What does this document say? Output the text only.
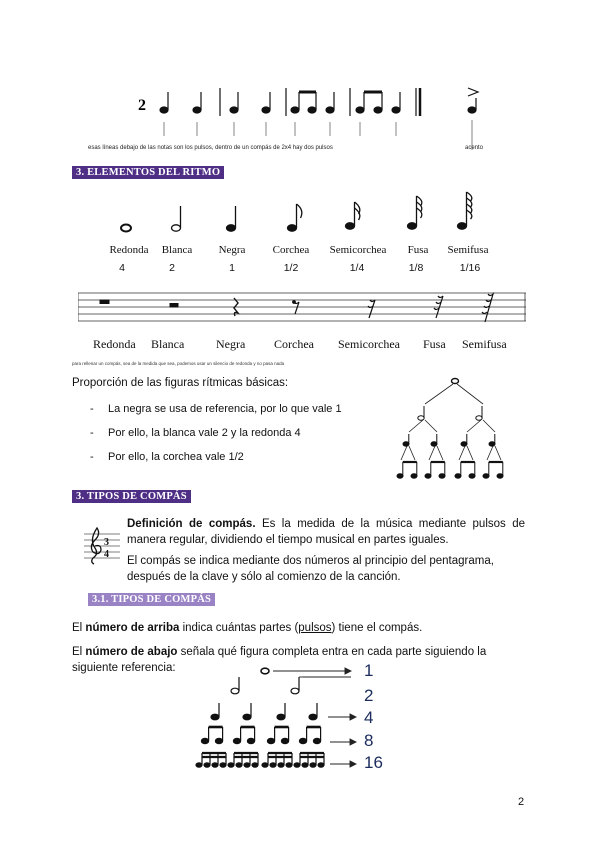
2
esas líneas debajo de las notas son los pulsos, dentro de un compás de 2x4 hay dos pulsos	acento
3. ELEMENTOS DEL RITMO
Redonda	Blanca	Negra	Corchea	Semicorchea	Fusa	Semifusa
4	2	1	1/2	1/4	1/8	1/16
Redonda Blanca	Negra Corchea Semicorchea Fusa Semifusa
para rellenar un compás, sea de la medida que sea, podemos usar un silencio de redonda y no pasa nada
Proporción de las figuras rítmicas básicas:
- La negra se usa de referencia, por lo que vale 1
- Por ello, la blanca vale 2 y la redonda 4
- Por ello, la corchea vale 1/2
3. TIPOS DE COMPÁS
3
4
Definición de compás. Es la medida de la música mediante pulsos de manera regular, dividiendo el tiempo musical en partes iguales.
El compás se indica mediante dos números al principio del pentagrama, después de la clave y sólo al comienzo de la canción.
3.1. TIPOS DE COMPÁS
El número de arriba indica cuántas partes (pulsos) tiene el compás.
El número de abajo señala qué figura completa entra en cada parte siguiendo la siguiente referencia:	1
2
4
8
16
2
